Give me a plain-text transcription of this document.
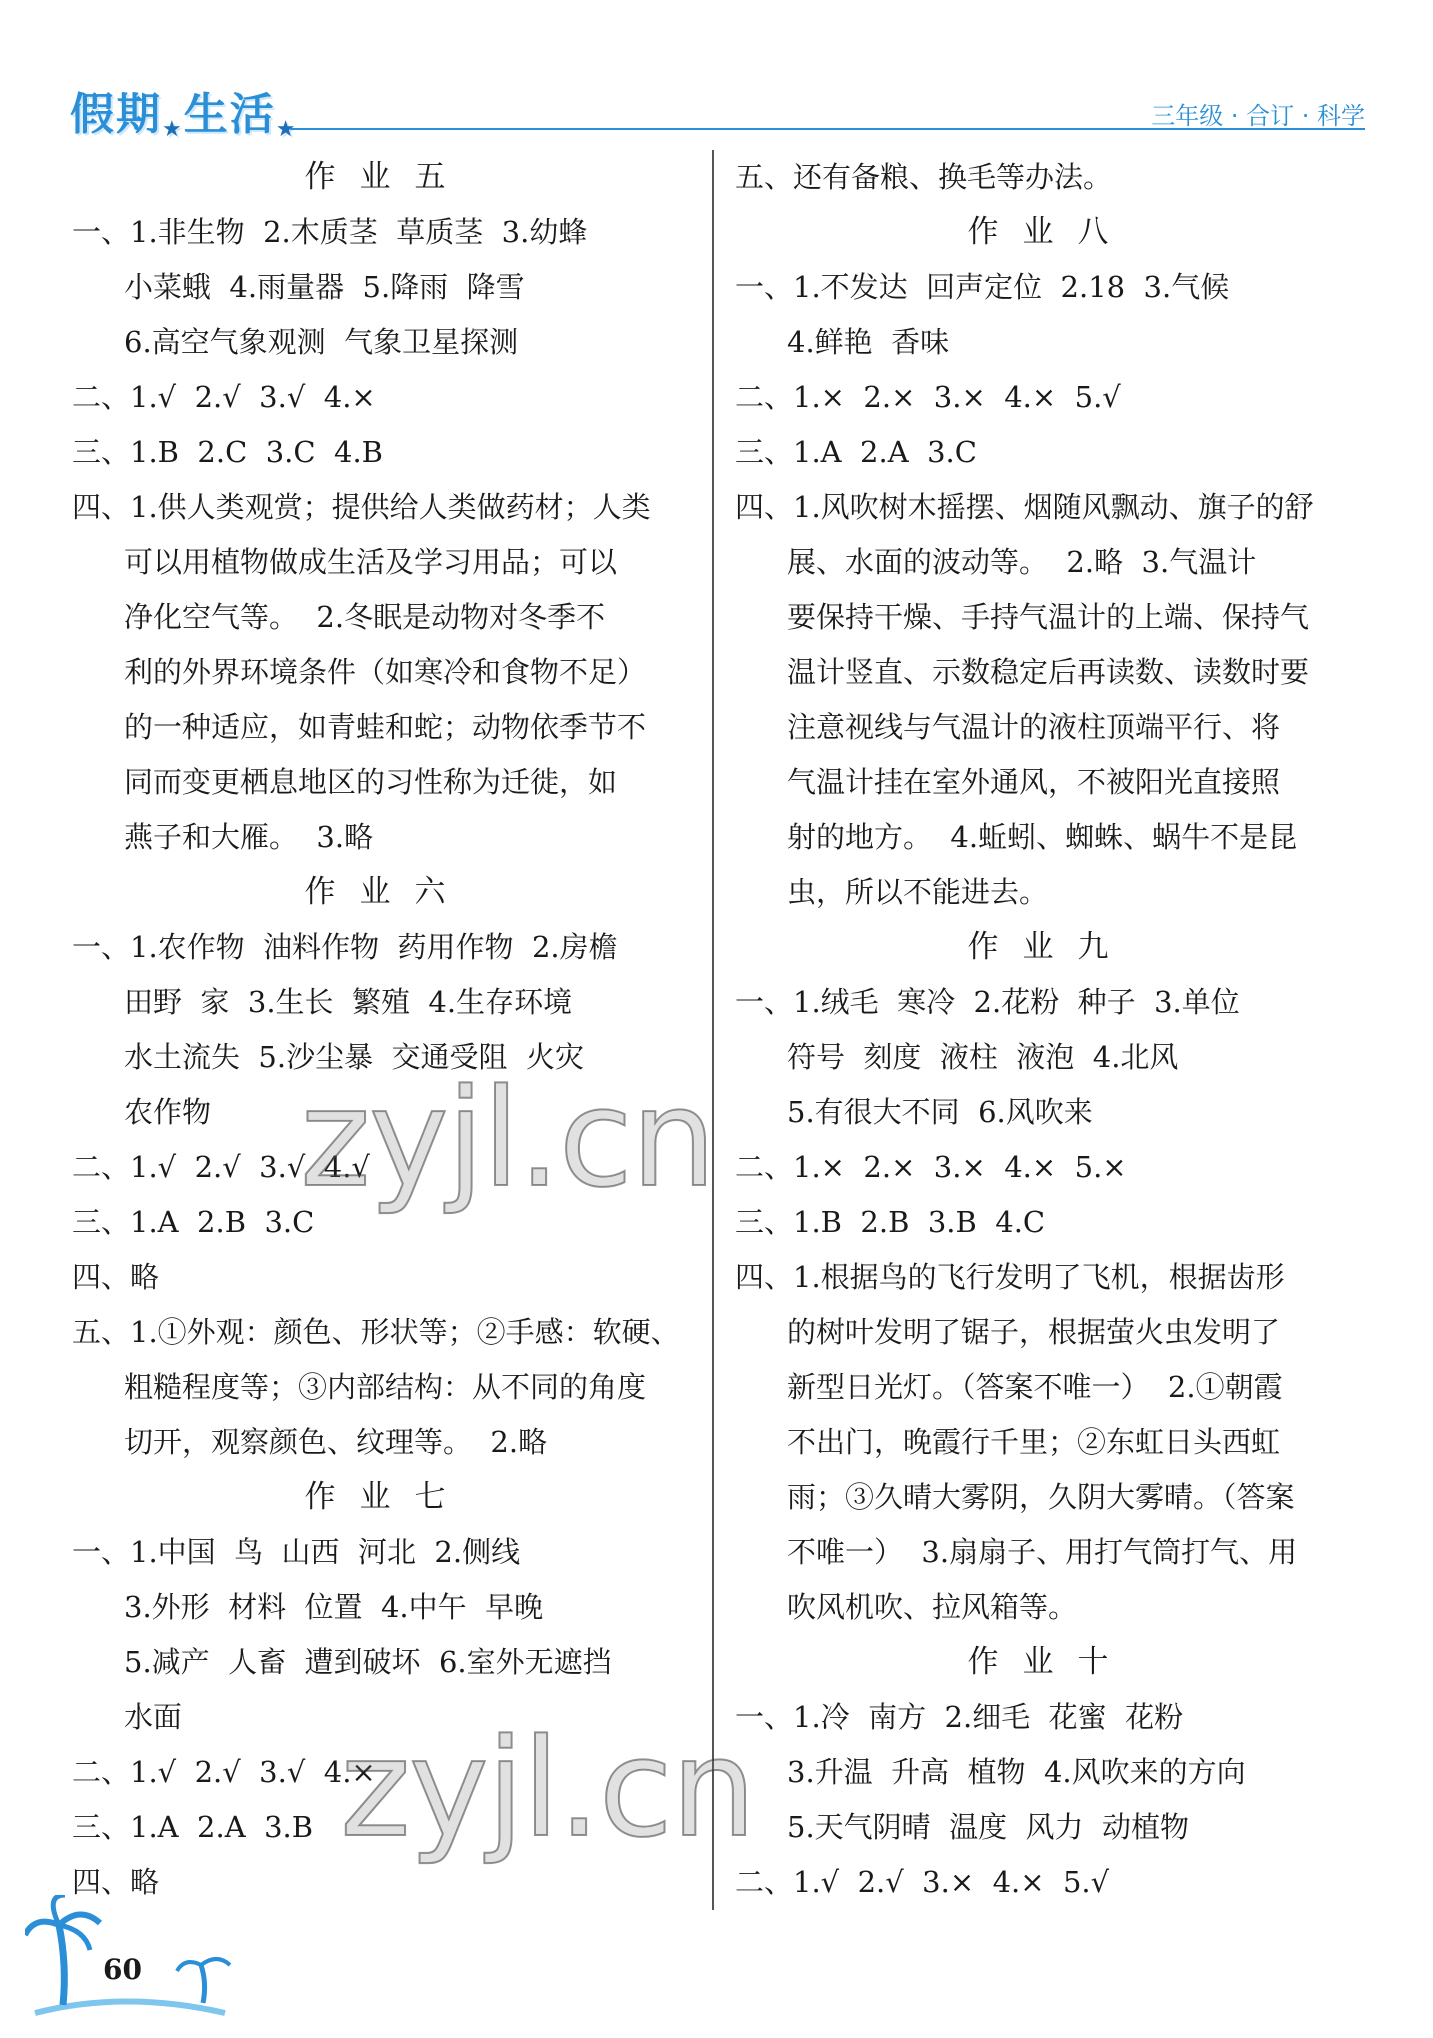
假期★生活★	三年级 · 合订 · 科学
作业五
一、1.非生物  2.木质茎  草质茎  3.幼蜂
小菜蛾  4.雨量器  5.降雨  降雪
6.高空气象观测  气象卫星探测
二、1.√  2.√  3.√  4.×
三、1.B  2.C  3.C  4.B
四、1.供人类观赏；提供给人类做药材；人类
可以用植物做成生活及学习用品；可以
净化空气等。  2.冬眠是动物对冬季不
利的外界环境条件（如寒冷和食物不足）
的一种适应，如青蛙和蛇；动物依季节不
同而变更栖息地区的习性称为迁徙，如
燕子和大雁。  3.略
作业六
一、1.农作物  油料作物  药用作物  2.房檐
田野  家  3.生长  繁殖  4.生存环境
水土流失  5.沙尘暴  交通受阻  火灾
农作物
二、1.√  2.√  3.√  4.√
三、1.A  2.B  3.C
四、略
五、1.①外观：颜色、形状等；②手感：软硬、
粗糙程度等；③内部结构：从不同的角度
切开，观察颜色、纹理等。  2.略
作业七
一、1.中国  鸟  山西  河北  2.侧线
3.外形  材料  位置  4.中午  早晚
5.减产  人畜  遭到破坏  6.室外无遮挡
水面
二、1.√  2.√  3.√  4.×
三、1.A  2.A  3.B
四、略
五、还有备粮、换毛等办法。
作业八
一、1.不发达  回声定位  2.18  3.气候
4.鲜艳  香味
二、1.×  2.×  3.×  4.×  5.√
三、1.A  2.A  3.C
四、1.风吹树木摇摆、烟随风飘动、旗子的舒
展、水面的波动等。  2.略  3.气温计
要保持干燥、手持气温计的上端、保持气
温计竖直、示数稳定后再读数、读数时要
注意视线与气温计的液柱顶端平行、将
气温计挂在室外通风，不被阳光直接照
射的地方。  4.蚯蚓、蜘蛛、蜗牛不是昆
虫，所以不能进去。
作业九
一、1.绒毛  寒冷  2.花粉  种子  3.单位
符号  刻度  液柱  液泡  4.北风
5.有很大不同  6.风吹来
二、1.×  2.×  3.×  4.×  5.×
三、1.B  2.B  3.B  4.C
四、1.根据鸟的飞行发明了飞机，根据齿形
的树叶发明了锯子，根据萤火虫发明了
新型日光灯。（答案不唯一）  2.①朝霞
不出门，晚霞行千里；②东虹日头西虹
雨；③久晴大雾阴，久阴大雾晴。（答案
不唯一）  3.扇扇子、用打气筒打气、用
吹风机吹、拉风箱等。
作业十
一、1.冷  南方  2.细毛  花蜜  花粉
3.升温  升高  植物  4.风吹来的方向
5.天气阴晴  温度  风力  动植物
二、1.√  2.√  3.×  4.×  5.√
zyjl.cn
zyjl.cn
60
